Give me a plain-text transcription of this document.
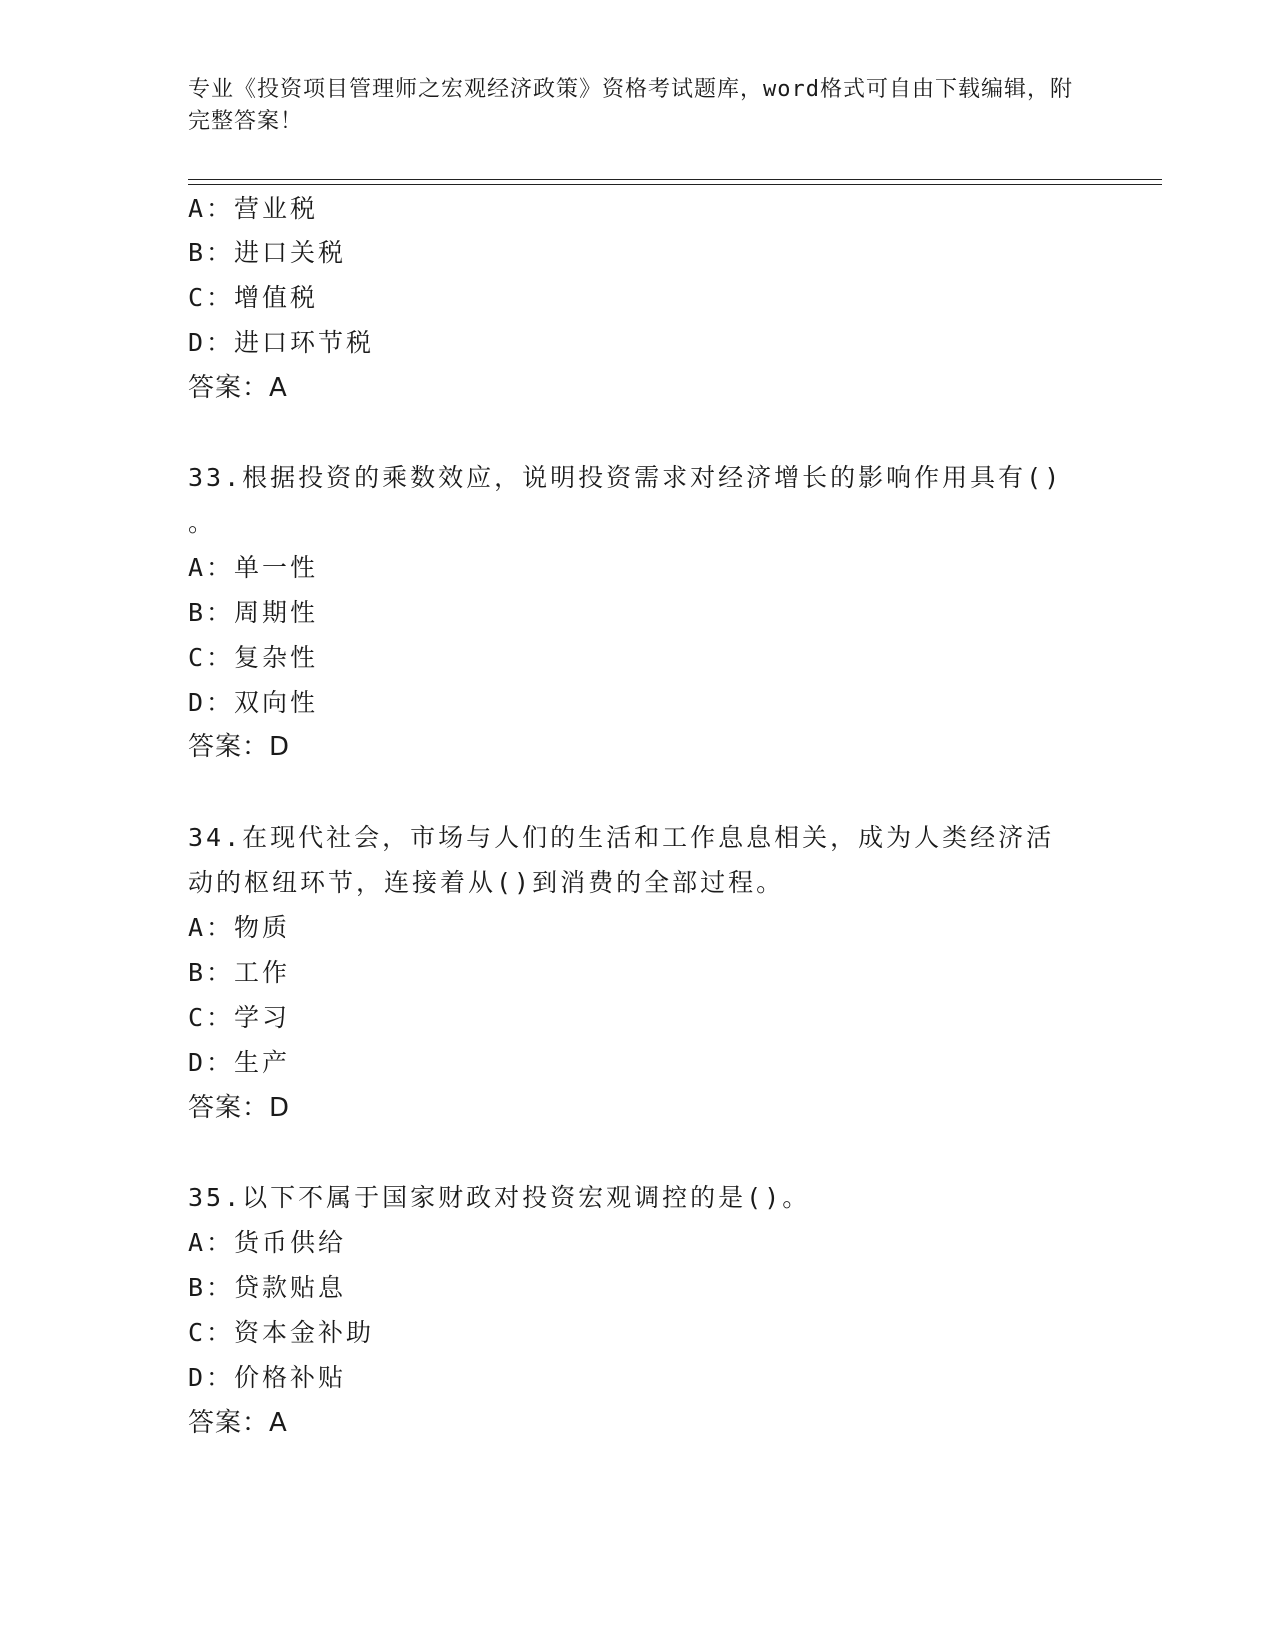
专业《投资项目管理师之宏观经济政策》资格考试题库，word格式可自由下载编辑，附完整答案！
A：营业税
B：进口关税
C：增值税
D：进口环节税
答案：A
33.根据投资的乘数效应，说明投资需求对经济增长的影响作用具有()
。
A：单一性
B：周期性
C：复杂性
D：双向性
答案：D
34.在现代社会，市场与人们的生活和工作息息相关，成为人类经济活
动的枢纽环节，连接着从()到消费的全部过程。
A：物质
B：工作
C：学习
D：生产
答案：D
35.以下不属于国家财政对投资宏观调控的是()。
A：货币供给
B：贷款贴息
C：资本金补助
D：价格补贴
答案：A
